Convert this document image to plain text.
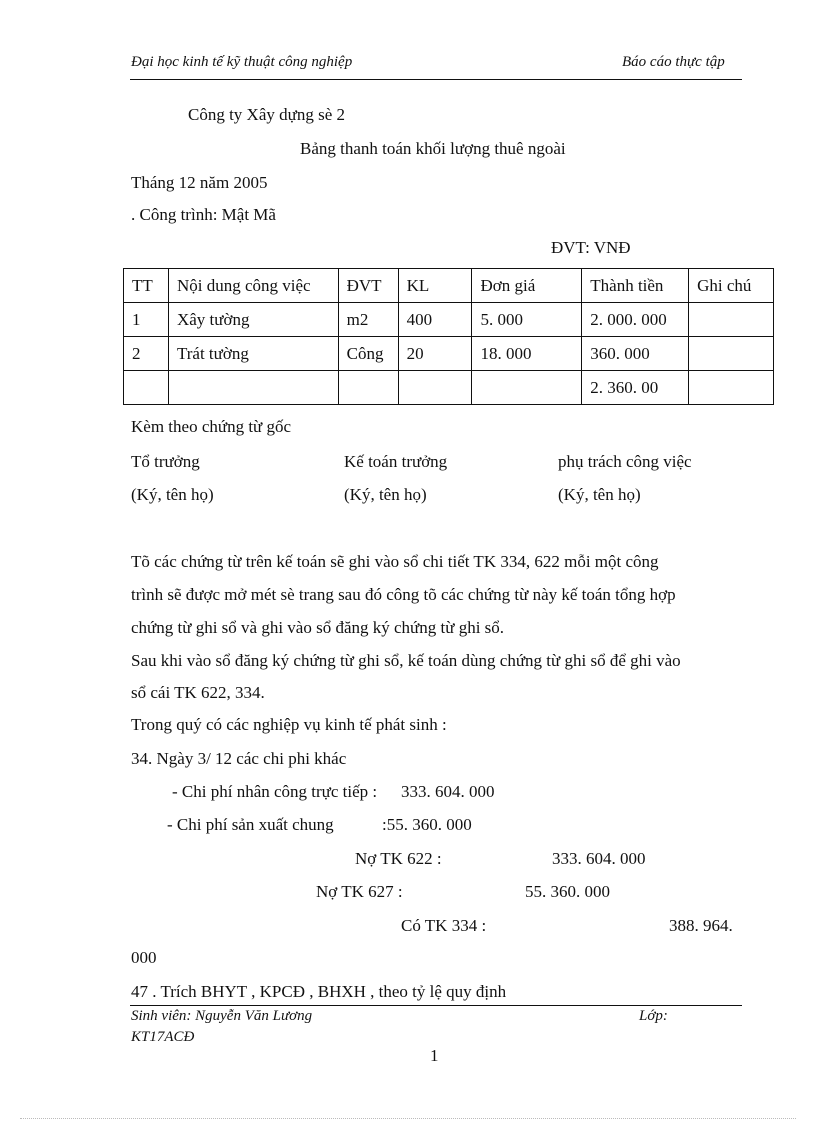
Đại học kinh tế kỹ thuật công nghiệp	Báo cáo thực tập
Công ty Xây dựng sè 2
Bảng thanh toán khối lượng thuê ngoài
Tháng 12 năm 2005
. Công trình: Mật Mã
ĐVT: VNĐ
TT	Nội dung công việc	ĐVT	KL	Đơn giá	Thành tiền	Ghi chú
1	Xây tường	m2	400	5. 000	2. 000. 000	
2	Trát tường	Công	20	18. 000	360. 000	
					2. 360. 00	
Kèm theo chứng từ gốc
Tổ trưởng	Kế toán trưởng	phụ trách công việc
(Ký, tên họ)	(Ký, tên họ)	(Ký, tên họ)
Tõ các chứng từ trên kế toán sẽ ghi vào sổ chi tiết TK 334, 622 mỗi một công
trình sẽ được mở mét sè trang sau đó công tõ các chứng từ này kế toán tổng hợp
chứng từ ghi sổ và ghi vào sổ đăng ký chứng từ ghi sổ.
Sau khi vào sổ đăng ký chứng từ ghi sổ, kế toán dùng chứng từ ghi sổ để ghi vào
sổ cái TK 622, 334.
Trong quý có các nghiệp vụ kinh tế phát sinh :
34. Ngày 3/ 12 các chi phi khác
- Chi phí nhân công trực tiếp : 333. 604. 000
- Chi phí sản xuất chung	:55. 360. 000
Nợ TK 622 :	333. 604. 000
Nợ TK 627 :	55. 360. 000
Có TK 334 :	388. 964.
000
47 . Trích BHYT , KPCĐ , BHXH , theo tỷ lệ quy định
Sinh viên: Nguyễn Văn Lương	Lớp:
KT17ACĐ
1
